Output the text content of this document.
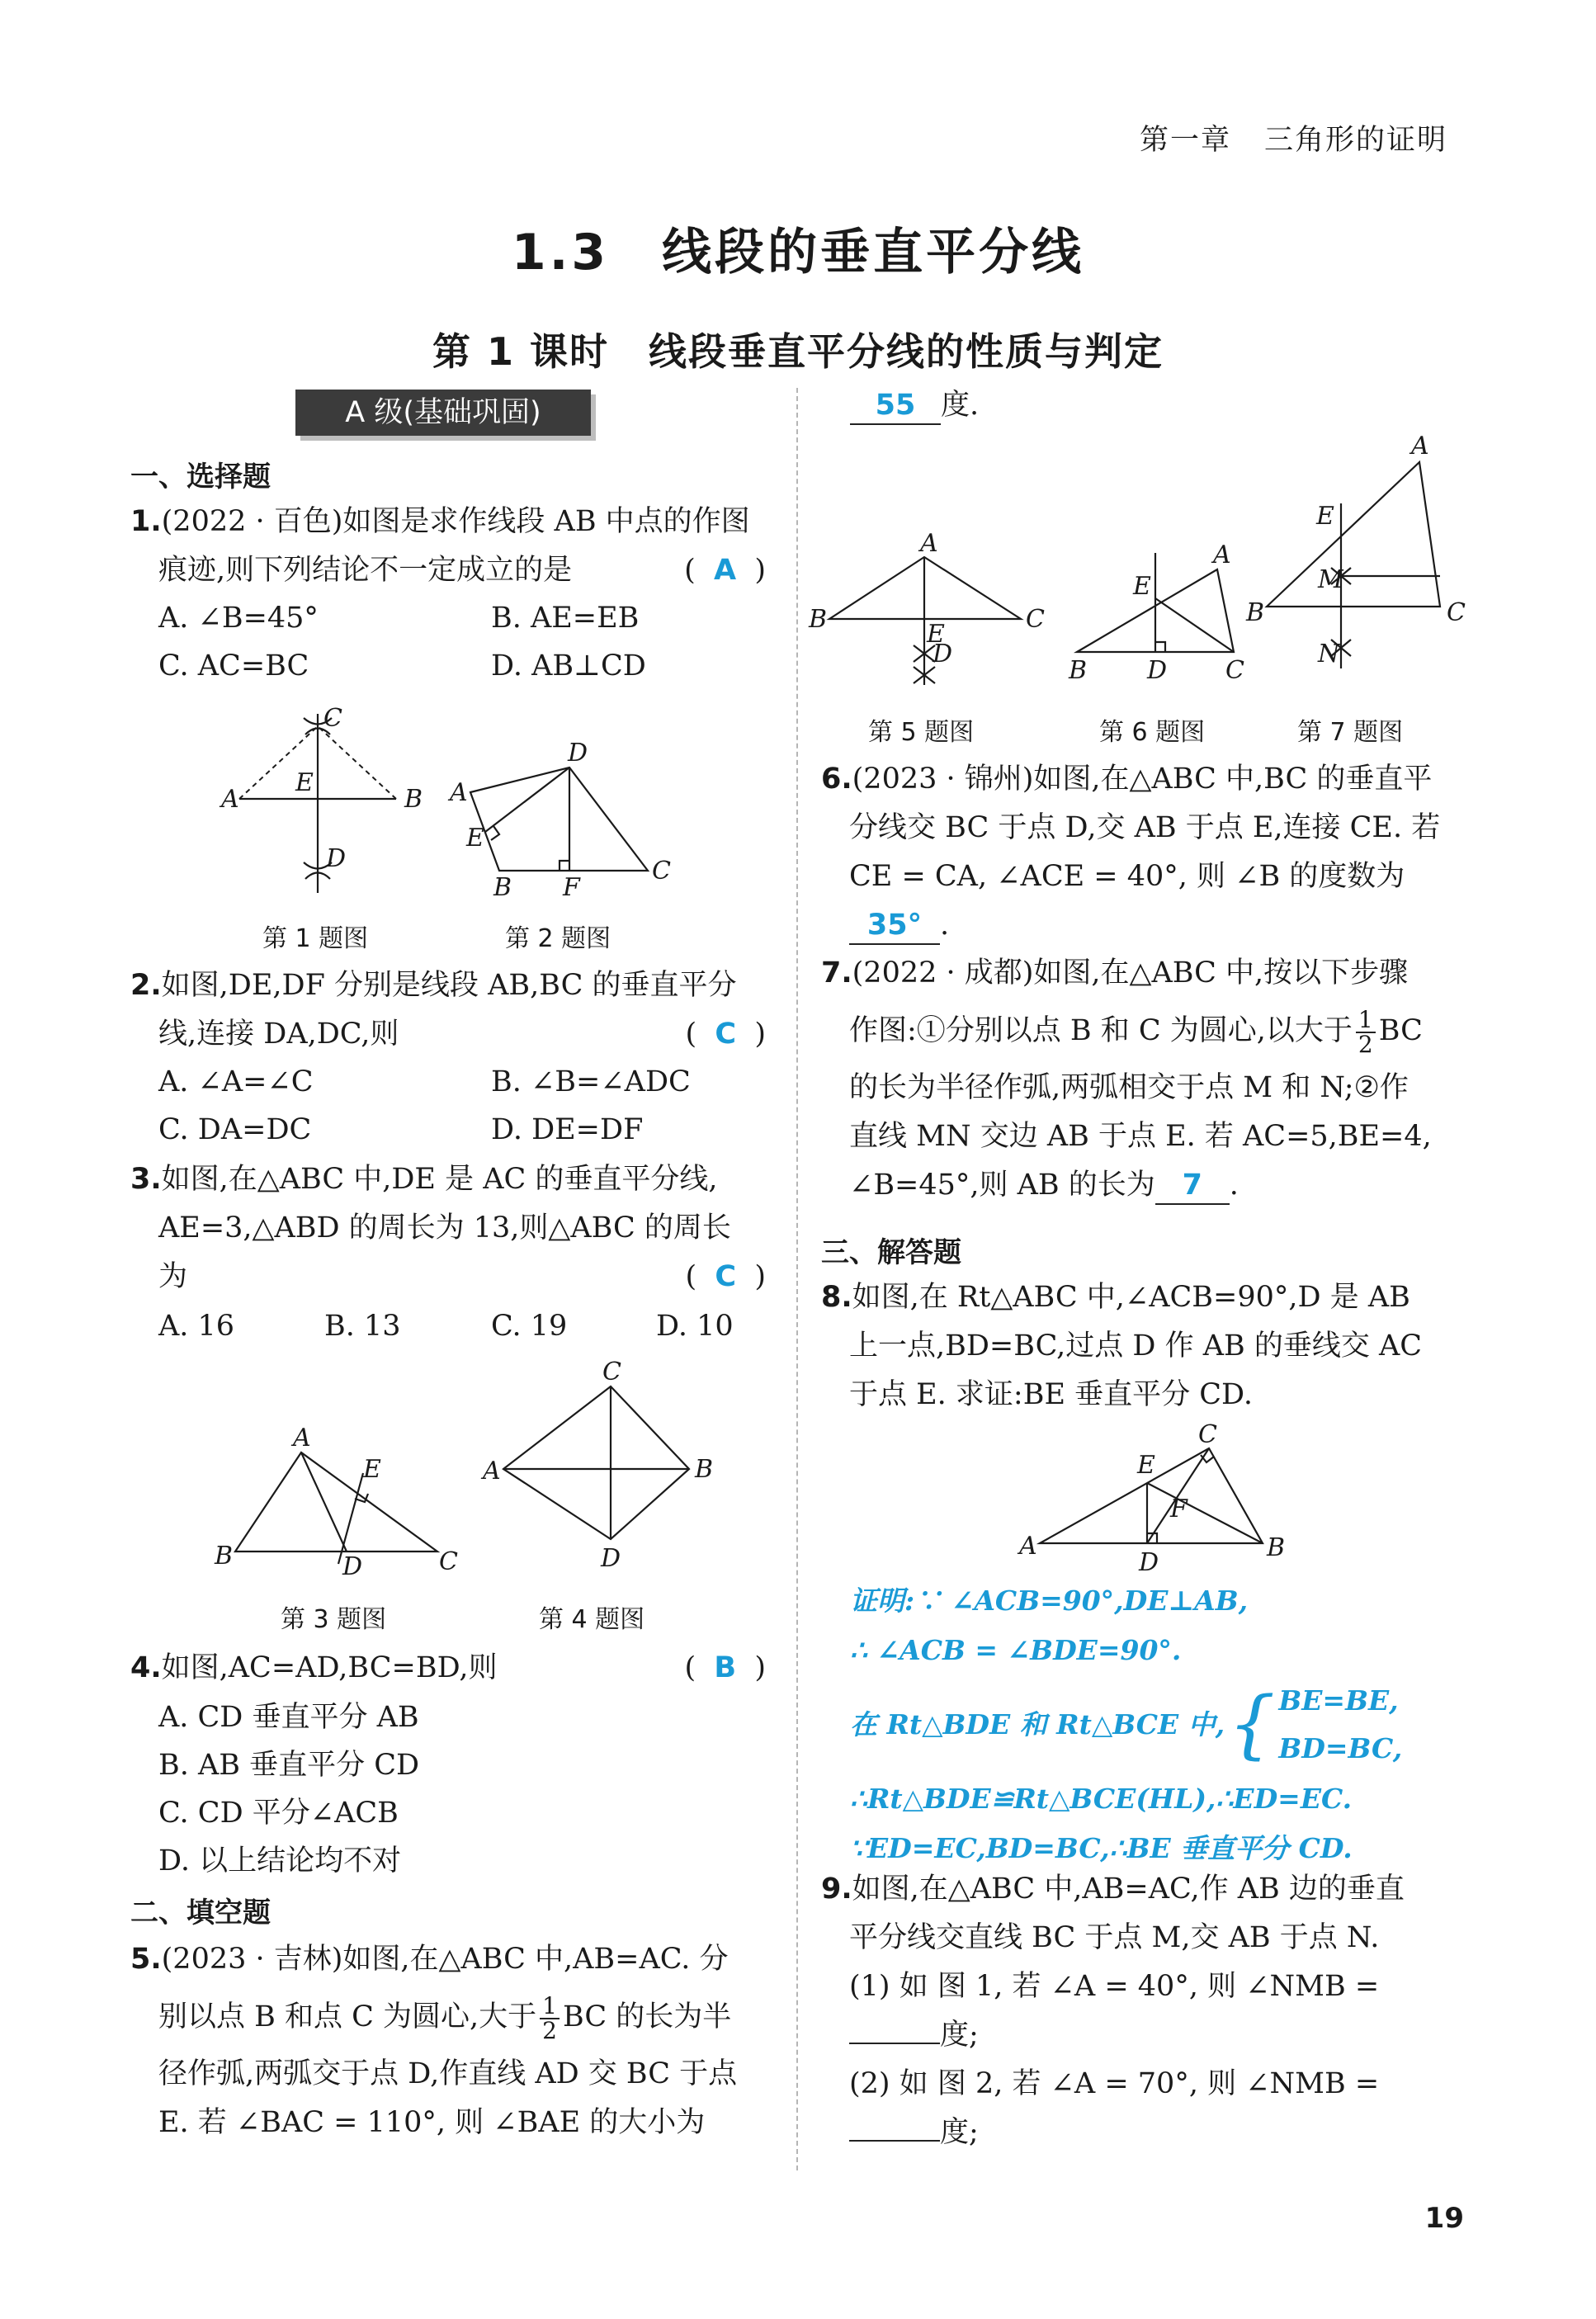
第一章 三角形的证明
1.3　线段的垂直平分线
第 1 课时　线段垂直平分线的性质与判定
A 级(基础巩固)
一、选择题
1.(2022 · 百色)如图是求作线段 AB 中点的作图
痕迹,则下列结论不一定成立的是	(  A  )
A. ∠B=45°	B. AE=EB
C. AC=BC	D. AB⊥CD
A	B
C
E
D
A
D
E
B F
C
第 1 题图	第 2 题图
2.如图,DE,DF 分别是线段 AB,BC 的垂直平分
线,连接 DA,DC,则	(  C  )
A. ∠A=∠C	B. ∠B=∠ADC
C. DA=DC	D. DE=DF
3.如图,在△ABC 中,DE 是 AC 的垂直平分线,
AE=3,△ABD 的周长为 13,则△ABC 的周长
为	(  C  )
A. 16	B. 13	C. 19	D. 10
A
E
B	D	C
C
A	B
D
第 3 题图	第 4 题图
4.如图,AC=AD,BC=BD,则	(  B  )
A. CD 垂直平分 AB
B. AB 垂直平分 CD
C. CD 平分∠ACB
D. 以上结论均不对
二、填空题
5.(2023 · 吉林)如图,在△ABC 中,AB=AC. 分
别以点 B 和点 C 为圆心,大于 $\frac{1}{2}$ BC 的长为半
径作弧,两弧交于点 D,作直线 AD 交 BC 于点
E. 若 ∠BAC = 110°, 则 ∠BAE 的大小为
55 度.
A
B	C
E
D
A
E
B D C
A
E
M
B	C
N
第 5 题图	第 6 题图	第 7 题图
6.(2023 · 锦州)如图,在△ABC 中,BC 的垂直平
分线交 BC 于点 D,交 AB 于点 E,连接 CE. 若
CE = CA, ∠ACE = 40°, 则 ∠B 的度数为
35° .
7.(2022 · 成都)如图,在△ABC 中,按以下步骤
作图:①分别以点 B 和 C 为圆心,以大于 $\frac{1}{2}$ BC
的长为半径作弧,两弧相交于点 M 和 N;②作
直线 MN 交边 AB 于点 E. 若 AC=5,BE=4,
∠B=45°,则 AB 的长为 7 .
三、解答题
8.如图,在 Rt△ABC 中,∠ACB=90°,D 是 AB
上一点,BD=BC,过点 D 作 AB 的垂线交 AC
于点 E. 求证:BE 垂直平分 CD.
C
E
F
A
D
B
证明:∵ ∠ACB=90°,DE⊥AB,
∴ ∠ACB = ∠BDE=90°.
在 Rt△BDE 和 Rt△BCE 中, { BE=BE,
BD=BC,
∴Rt△BDE≌Rt△BCE(HL),∴ED=EC.
∵ED=EC,BD=BC,∴BE 垂直平分 CD.
9.如图,在△ABC 中,AB=AC,作 AB 边的垂直
平分线交直线 BC 于点 M,交 AB 于点 N.
(1) 如 图 1, 若 ∠A = 40°, 则 ∠NMB =
度;
(2) 如 图 2, 若 ∠A = 70°, 则 ∠NMB =
度;
19
